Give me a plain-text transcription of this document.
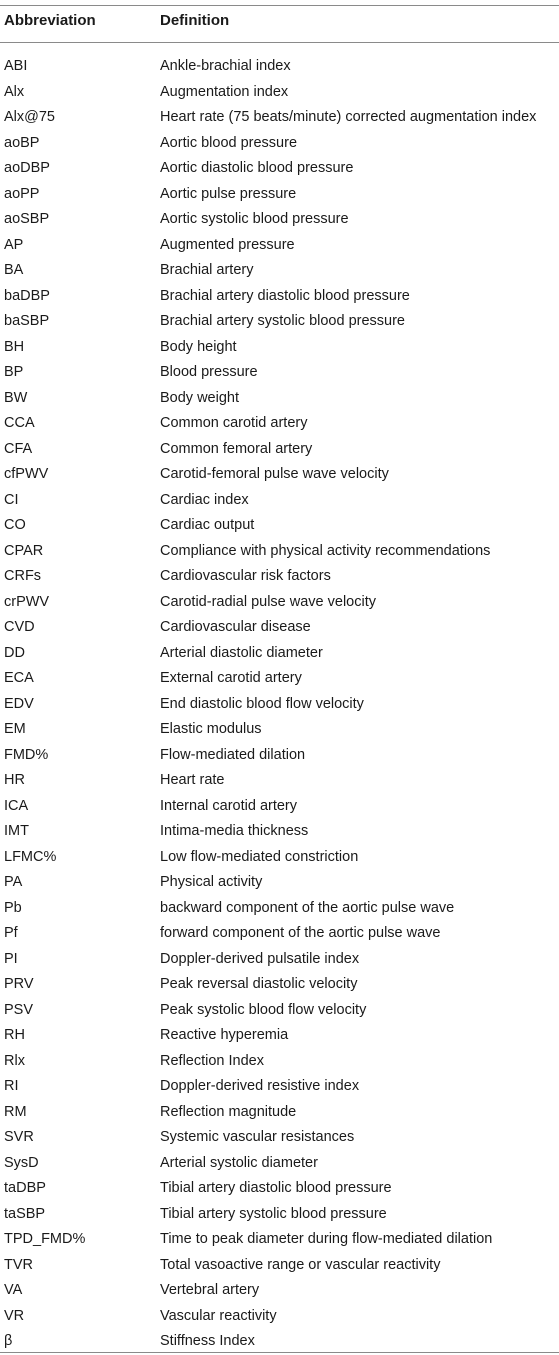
Abbreviation	Definition
ABI	Ankle-brachial index
Alx	Augmentation index
Alx@75	Heart rate (75 beats/minute) corrected augmentation index
aoBP	Aortic blood pressure
aoDBP	Aortic diastolic blood pressure
aoPP	Aortic pulse pressure
aoSBP	Aortic systolic blood pressure
AP	Augmented pressure
BA	Brachial artery
baDBP	Brachial artery diastolic blood pressure
baSBP	Brachial artery systolic blood pressure
BH	Body height
BP	Blood pressure
BW	Body weight
CCA	Common carotid artery
CFA	Common femoral artery
cfPWV	Carotid-femoral pulse wave velocity
CI	Cardiac index
CO	Cardiac output
CPAR	Compliance with physical activity recommendations
CRFs	Cardiovascular risk factors
crPWV	Carotid-radial pulse wave velocity
CVD	Cardiovascular disease
DD	Arterial diastolic diameter
ECA	External carotid artery
EDV	End diastolic blood flow velocity
EM	Elastic modulus
FMD%	Flow-mediated dilation
HR	Heart rate
ICA	Internal carotid artery
IMT	Intima-media thickness
LFMC%	Low flow-mediated constriction
PA	Physical activity
Pb	backward component of the aortic pulse wave
Pf	forward component of the aortic pulse wave
PI	Doppler-derived pulsatile index
PRV	Peak reversal diastolic velocity
PSV	Peak systolic blood flow velocity
RH	Reactive hyperemia
Rlx	Reflection Index
RI	Doppler-derived resistive index
RM	Reflection magnitude
SVR	Systemic vascular resistances
SysD	Arterial systolic diameter
taDBP	Tibial artery diastolic blood pressure
taSBP	Tibial artery systolic blood pressure
TPD_FMD%	Time to peak diameter during flow-mediated dilation
TVR	Total vasoactive range or vascular reactivity
VA	Vertebral artery
VR	Vascular reactivity
β	Stiffness Index
